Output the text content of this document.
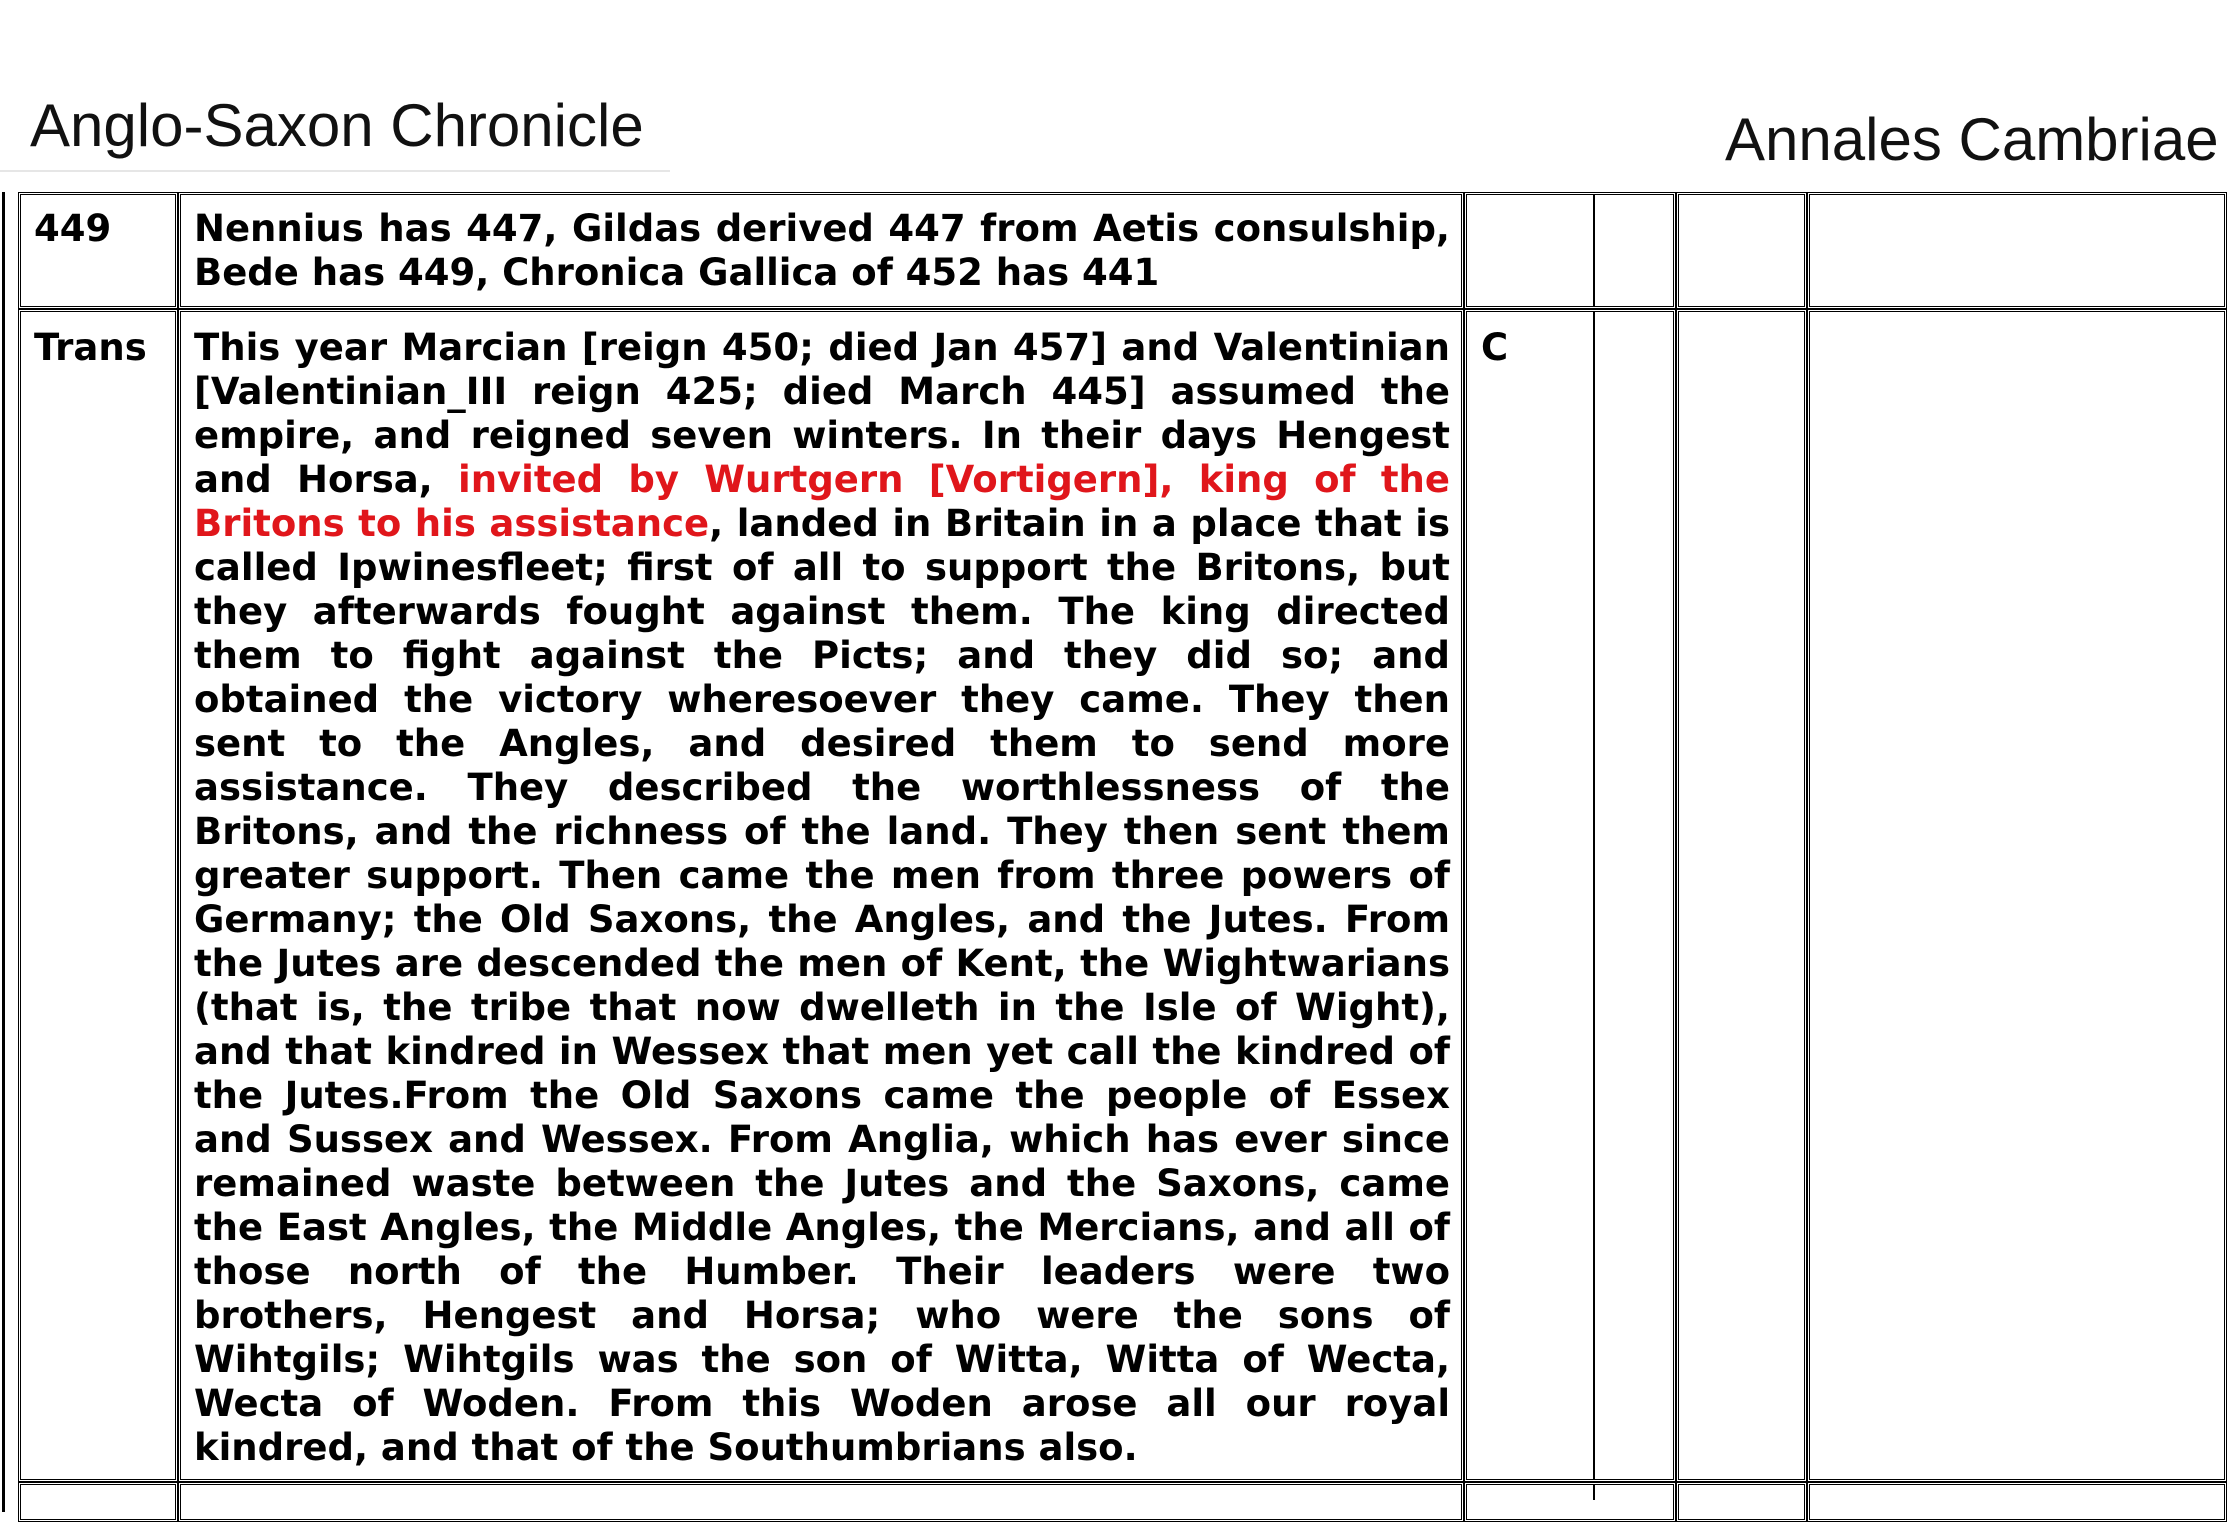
Anglo-Saxon Chronicle	Annales Cambriae
449 Nennius has 447, Gildas derived 447 from Aetis consulship, Bede has 449, Chronica Gallica of 452 has 441
Trans This year Marcian [reign 450; died Jan 457] and Valentinian [Valentinian_III reign 425; died March 445] assumed the empire, and reigned seven winters. In their days Hengest and Horsa, invited by Wurtgern [Vortigern], king of the Britons to his assistance, landed in Britain in a place that is called Ipwinesfleet; first of all to support the Britons, but they afterwards fought against them. The king directed them to fight against the Picts; and they did so; and obtained the victory wheresoever they came. They then sent to the Angles, and desired them to send more assistance. They described the worthlessness of the Britons, and the richness of the land. They then sent them greater support. Then came the men from three powers of Germany; the Old Saxons, the Angles, and the Jutes. From the Jutes are descended the men of Kent, the Wightwarians (that is, the tribe that now dwelleth in the Isle of Wight), and that kindred in Wessex that men yet call the kindred of the Jutes.From the Old Saxons came the people of Essex and Sussex and Wessex. From Anglia, which has ever since remained waste between the Jutes and the Saxons, came the East Angles, the Middle Angles, the Mercians, and all of those north of the Humber. Their leaders were two brothers, Hengest and Horsa; who were the sons of Wihtgils; Wihtgils was the son of Witta, Witta of Wecta, Wecta of Woden. From this Woden arose all our royal kindred, and that of the Southumbrians also.
C
